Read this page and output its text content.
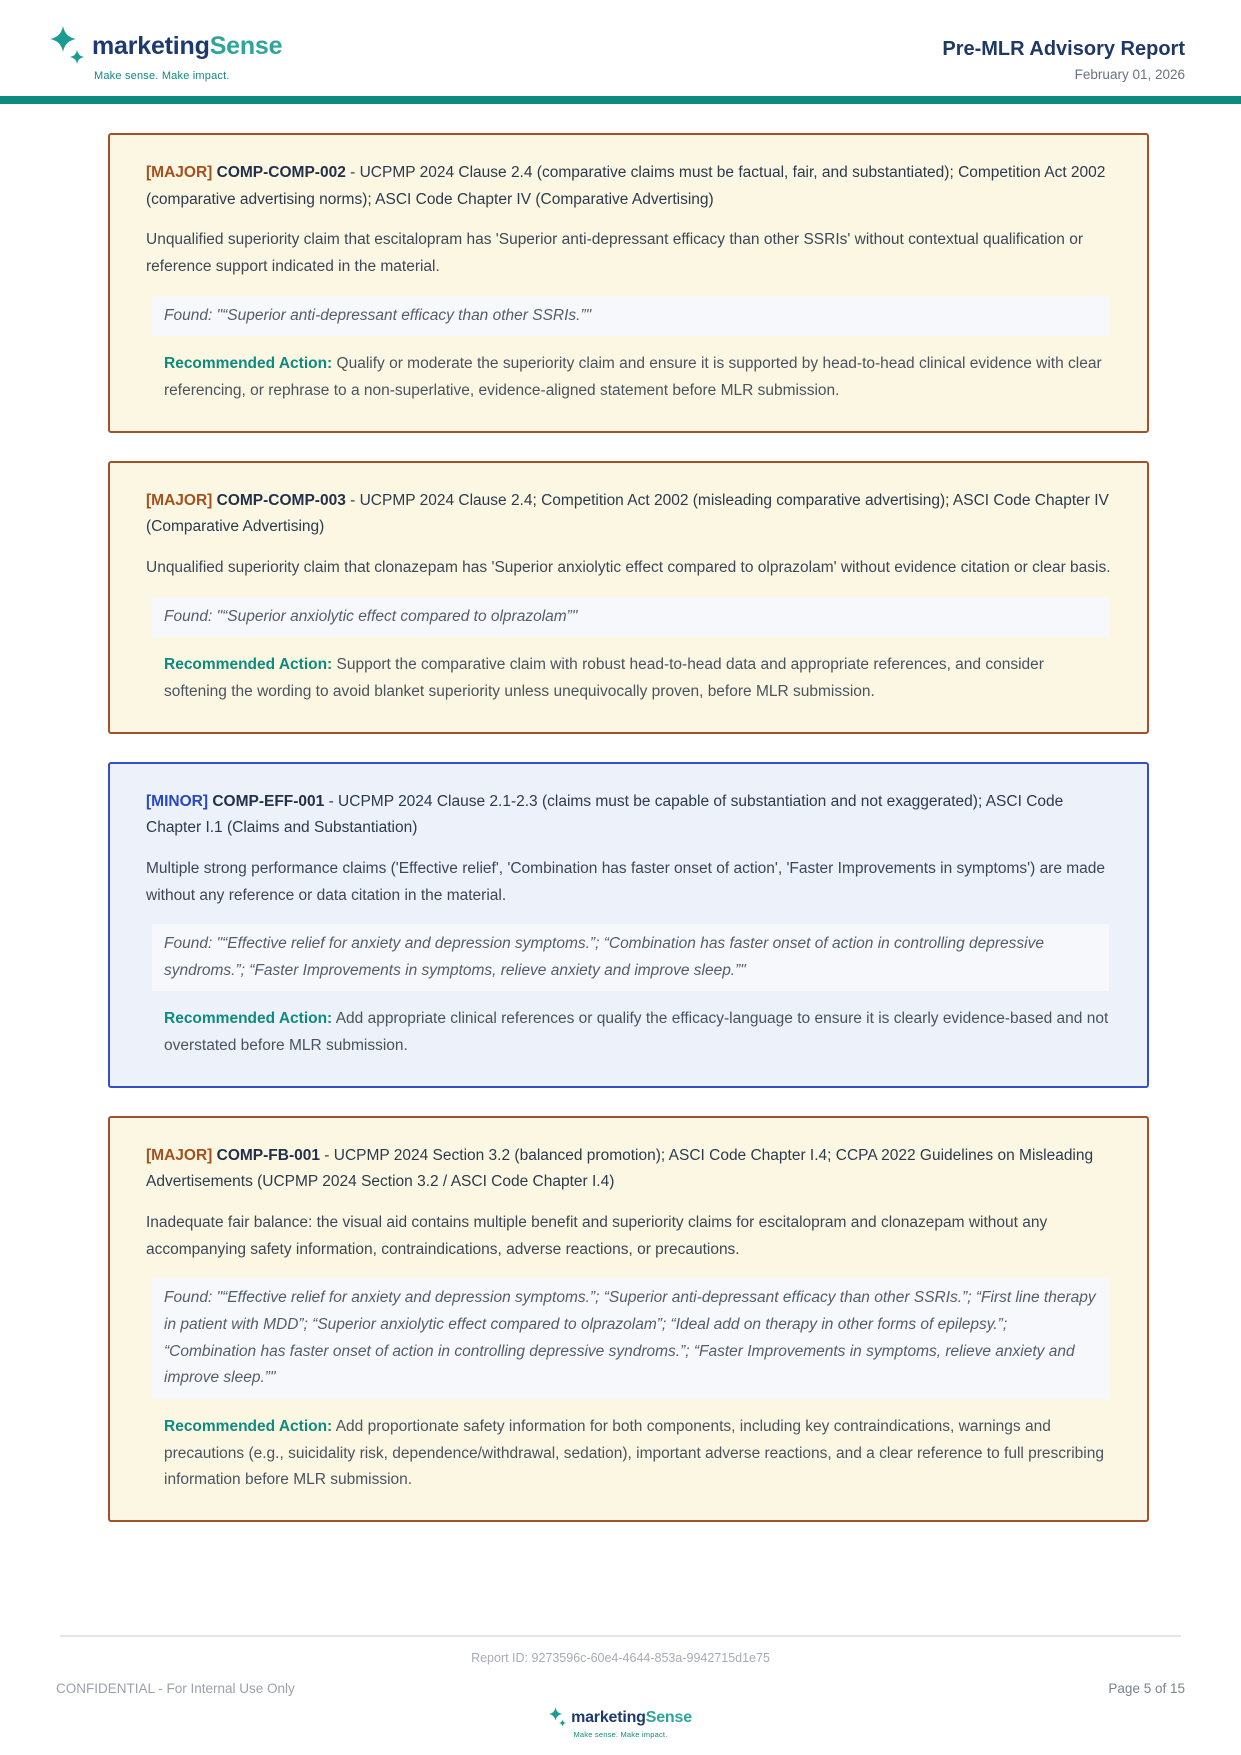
marketingSense
Make sense. Make impact.
Pre-MLR Advisory Report
February 01, 2026

[MAJOR] COMP-COMP-002 - UCPMP 2024 Clause 2.4 (comparative claims must be factual, fair, and substantiated); Competition Act 2002 (comparative advertising norms); ASCI Code Chapter IV (Comparative Advertising)

Unqualified superiority claim that escitalopram has 'Superior anti-depressant efficacy than other SSRIs' without contextual qualification or reference support indicated in the material.

Found: "“Superior anti-depressant efficacy than other SSRIs.”"

Recommended Action: Qualify or moderate the superiority claim and ensure it is supported by head-to-head clinical evidence with clear referencing, or rephrase to a non-superlative, evidence-aligned statement before MLR submission.

[MAJOR] COMP-COMP-003 - UCPMP 2024 Clause 2.4; Competition Act 2002 (misleading comparative advertising); ASCI Code Chapter IV (Comparative Advertising)

Unqualified superiority claim that clonazepam has 'Superior anxiolytic effect compared to olprazolam' without evidence citation or clear basis.

Found: "“Superior anxiolytic effect compared to olprazolam”"

Recommended Action: Support the comparative claim with robust head-to-head data and appropriate references, and consider softening the wording to avoid blanket superiority unless unequivocally proven, before MLR submission.

[MINOR] COMP-EFF-001 - UCPMP 2024 Clause 2.1-2.3 (claims must be capable of substantiation and not exaggerated); ASCI Code Chapter I.1 (Claims and Substantiation)

Multiple strong performance claims ('Effective relief', 'Combination has faster onset of action', 'Faster Improvements in symptoms') are made without any reference or data citation in the material.

Found: "“Effective relief for anxiety and depression symptoms.”; “Combination has faster onset of action in controlling depressive syndroms.”; “Faster Improvements in symptoms, relieve anxiety and improve sleep.”"

Recommended Action: Add appropriate clinical references or qualify the efficacy-language to ensure it is clearly evidence-based and not overstated before MLR submission.

[MAJOR] COMP-FB-001 - UCPMP 2024 Section 3.2 (balanced promotion); ASCI Code Chapter I.4; CCPA 2022 Guidelines on Misleading Advertisements (UCPMP 2024 Section 3.2 / ASCI Code Chapter I.4)

Inadequate fair balance: the visual aid contains multiple benefit and superiority claims for escitalopram and clonazepam without any accompanying safety information, contraindications, adverse reactions, or precautions.

Found: "“Effective relief for anxiety and depression symptoms.”; “Superior anti-depressant efficacy than other SSRIs.”; “First line therapy in patient with MDD”; “Superior anxiolytic effect compared to olprazolam”; “Ideal add on therapy in other forms of epilepsy.”; “Combination has faster onset of action in controlling depressive syndroms.”; “Faster Improvements in symptoms, relieve anxiety and improve sleep.”"

Recommended Action: Add proportionate safety information for both components, including key contraindications, warnings and precautions (e.g., suicidality risk, dependence/withdrawal, sedation), important adverse reactions, and a clear reference to full prescribing information before MLR submission.

Report ID: 9273596c-60e4-4644-853a-9942715d1e75
CONFIDENTIAL - For Internal Use Only	Page 5 of 15
marketingSense
Make sense. Make impact.
